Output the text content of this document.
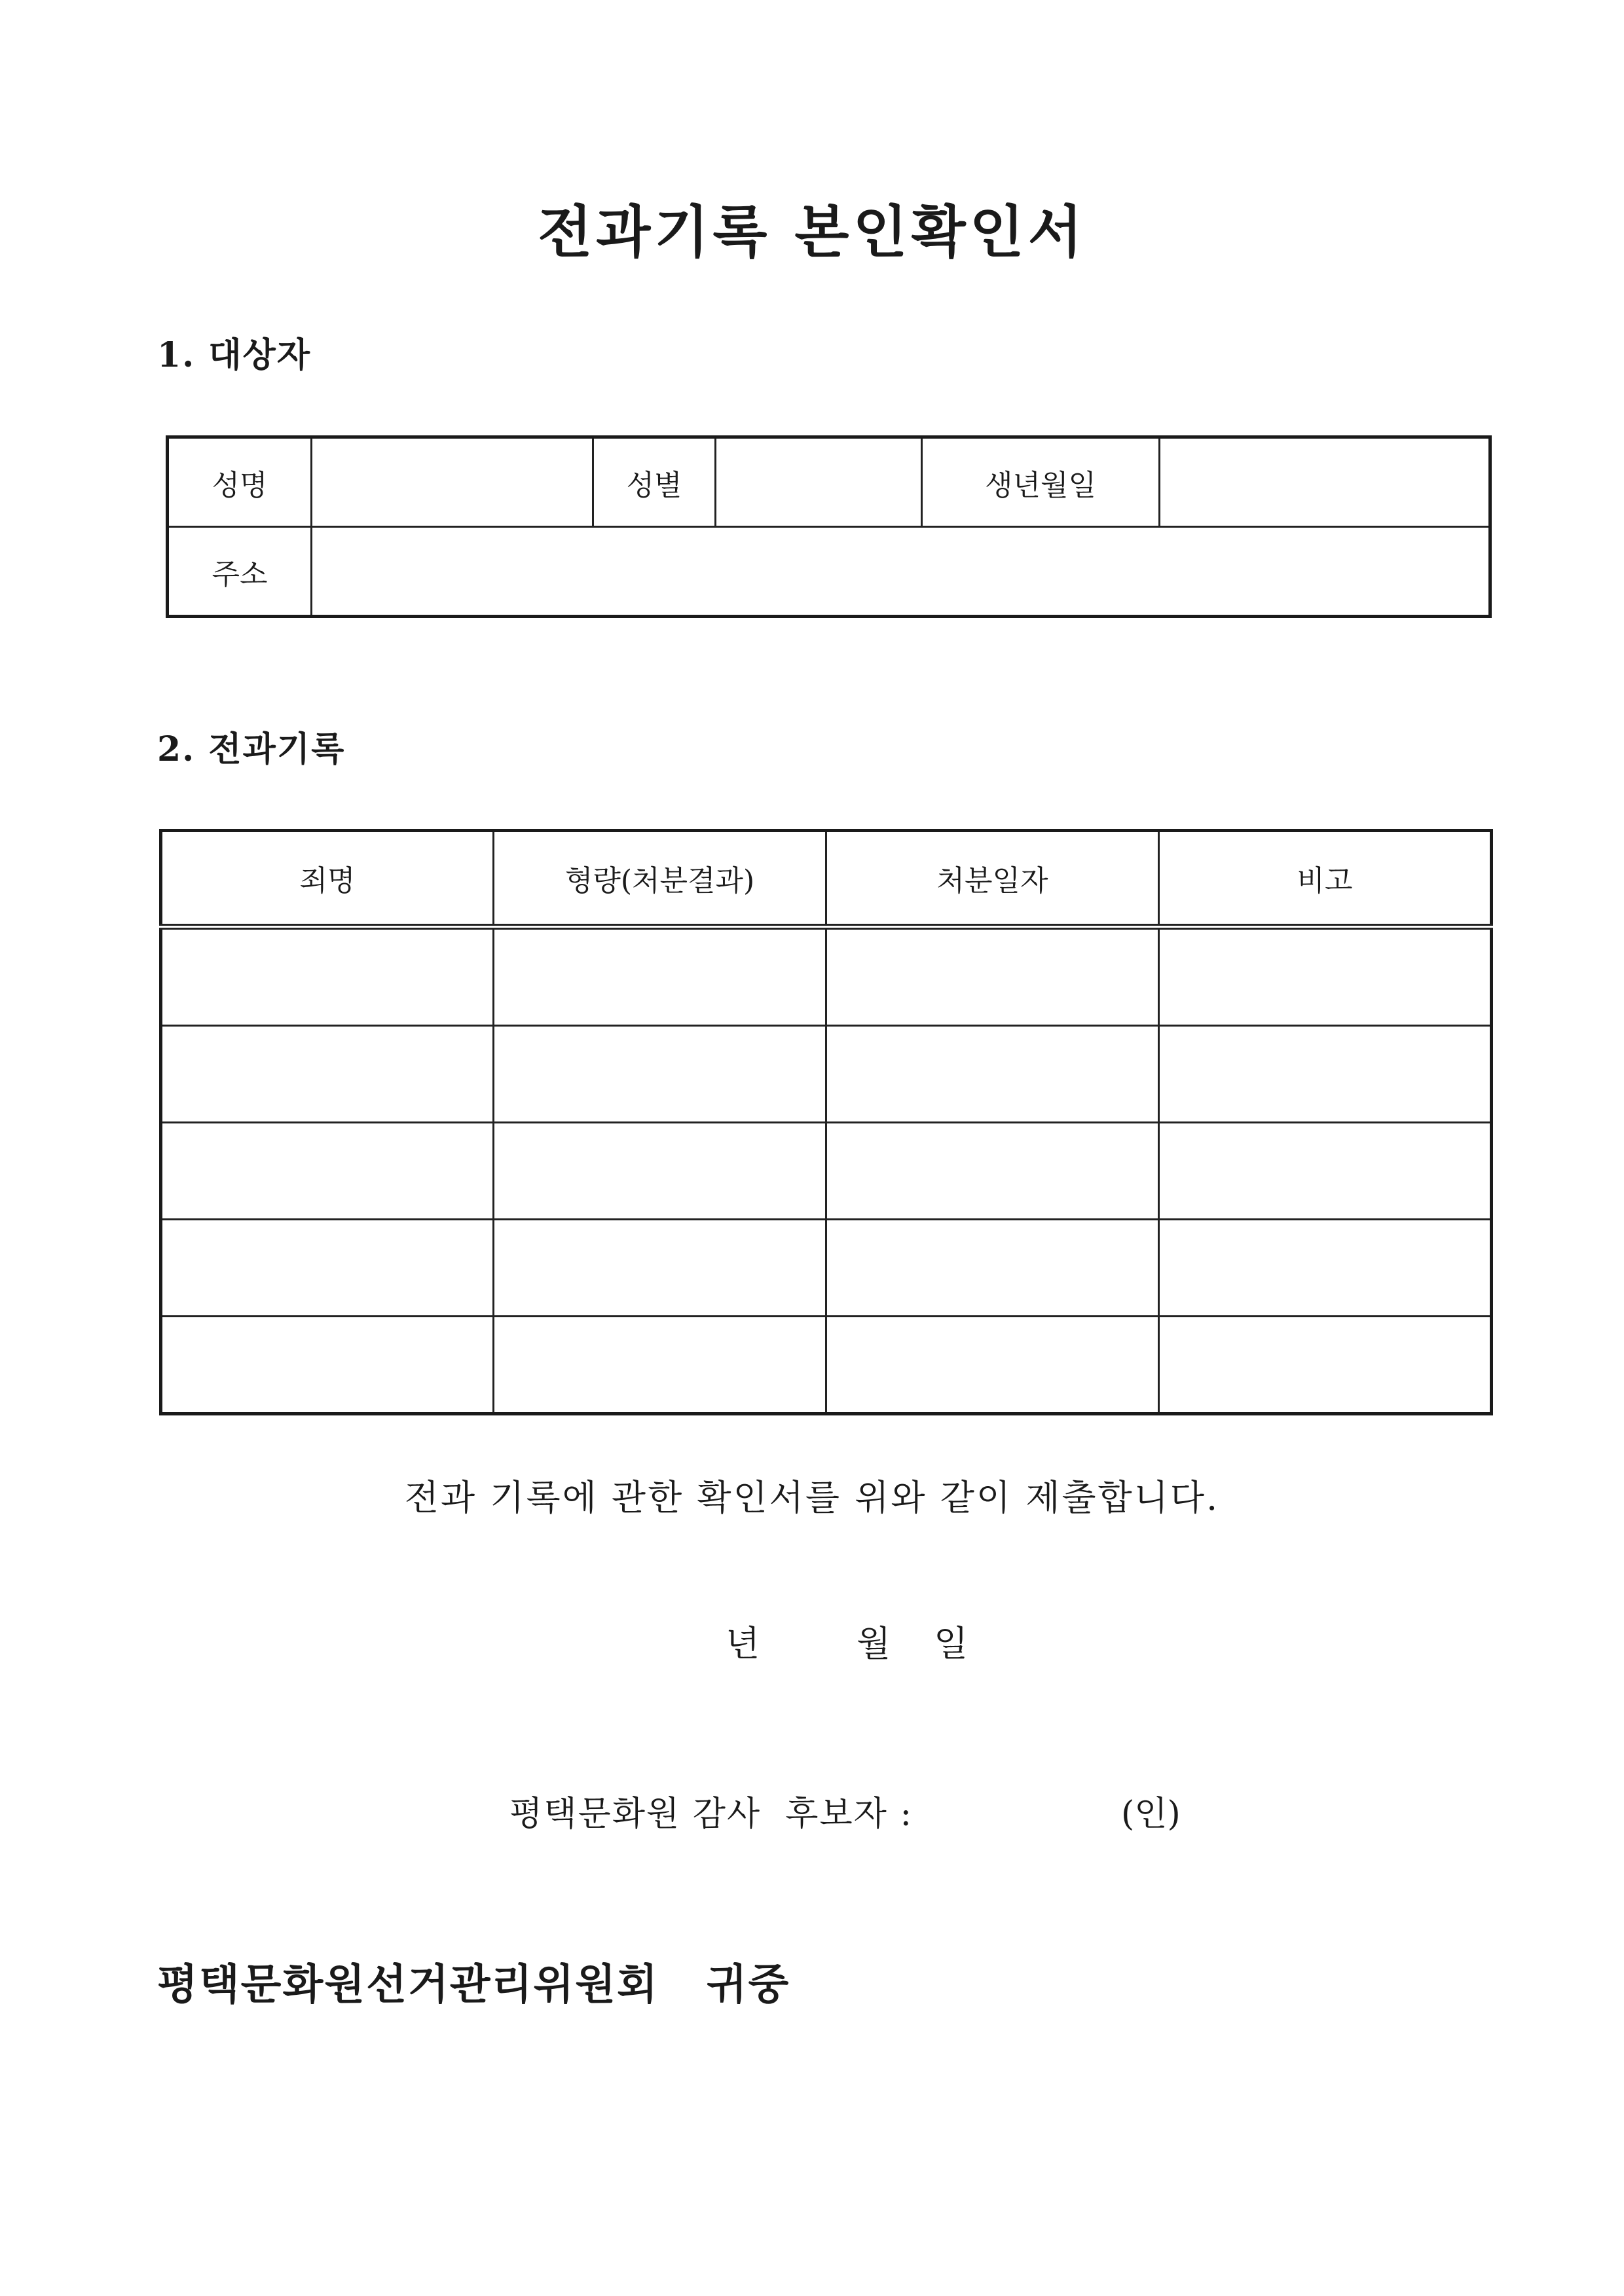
전과기록 본인확인서
1. 대상자
성명		성별		생년월일	
주소					
2. 전과기록
죄명	형량(처분결과)	처분일자	비고

전과 기록에 관한 확인서를 위와 같이 제출합니다.
년	월 일
평택문화원 감사  후보자 :	(인)
평택문화원선거관리위원회   귀중
